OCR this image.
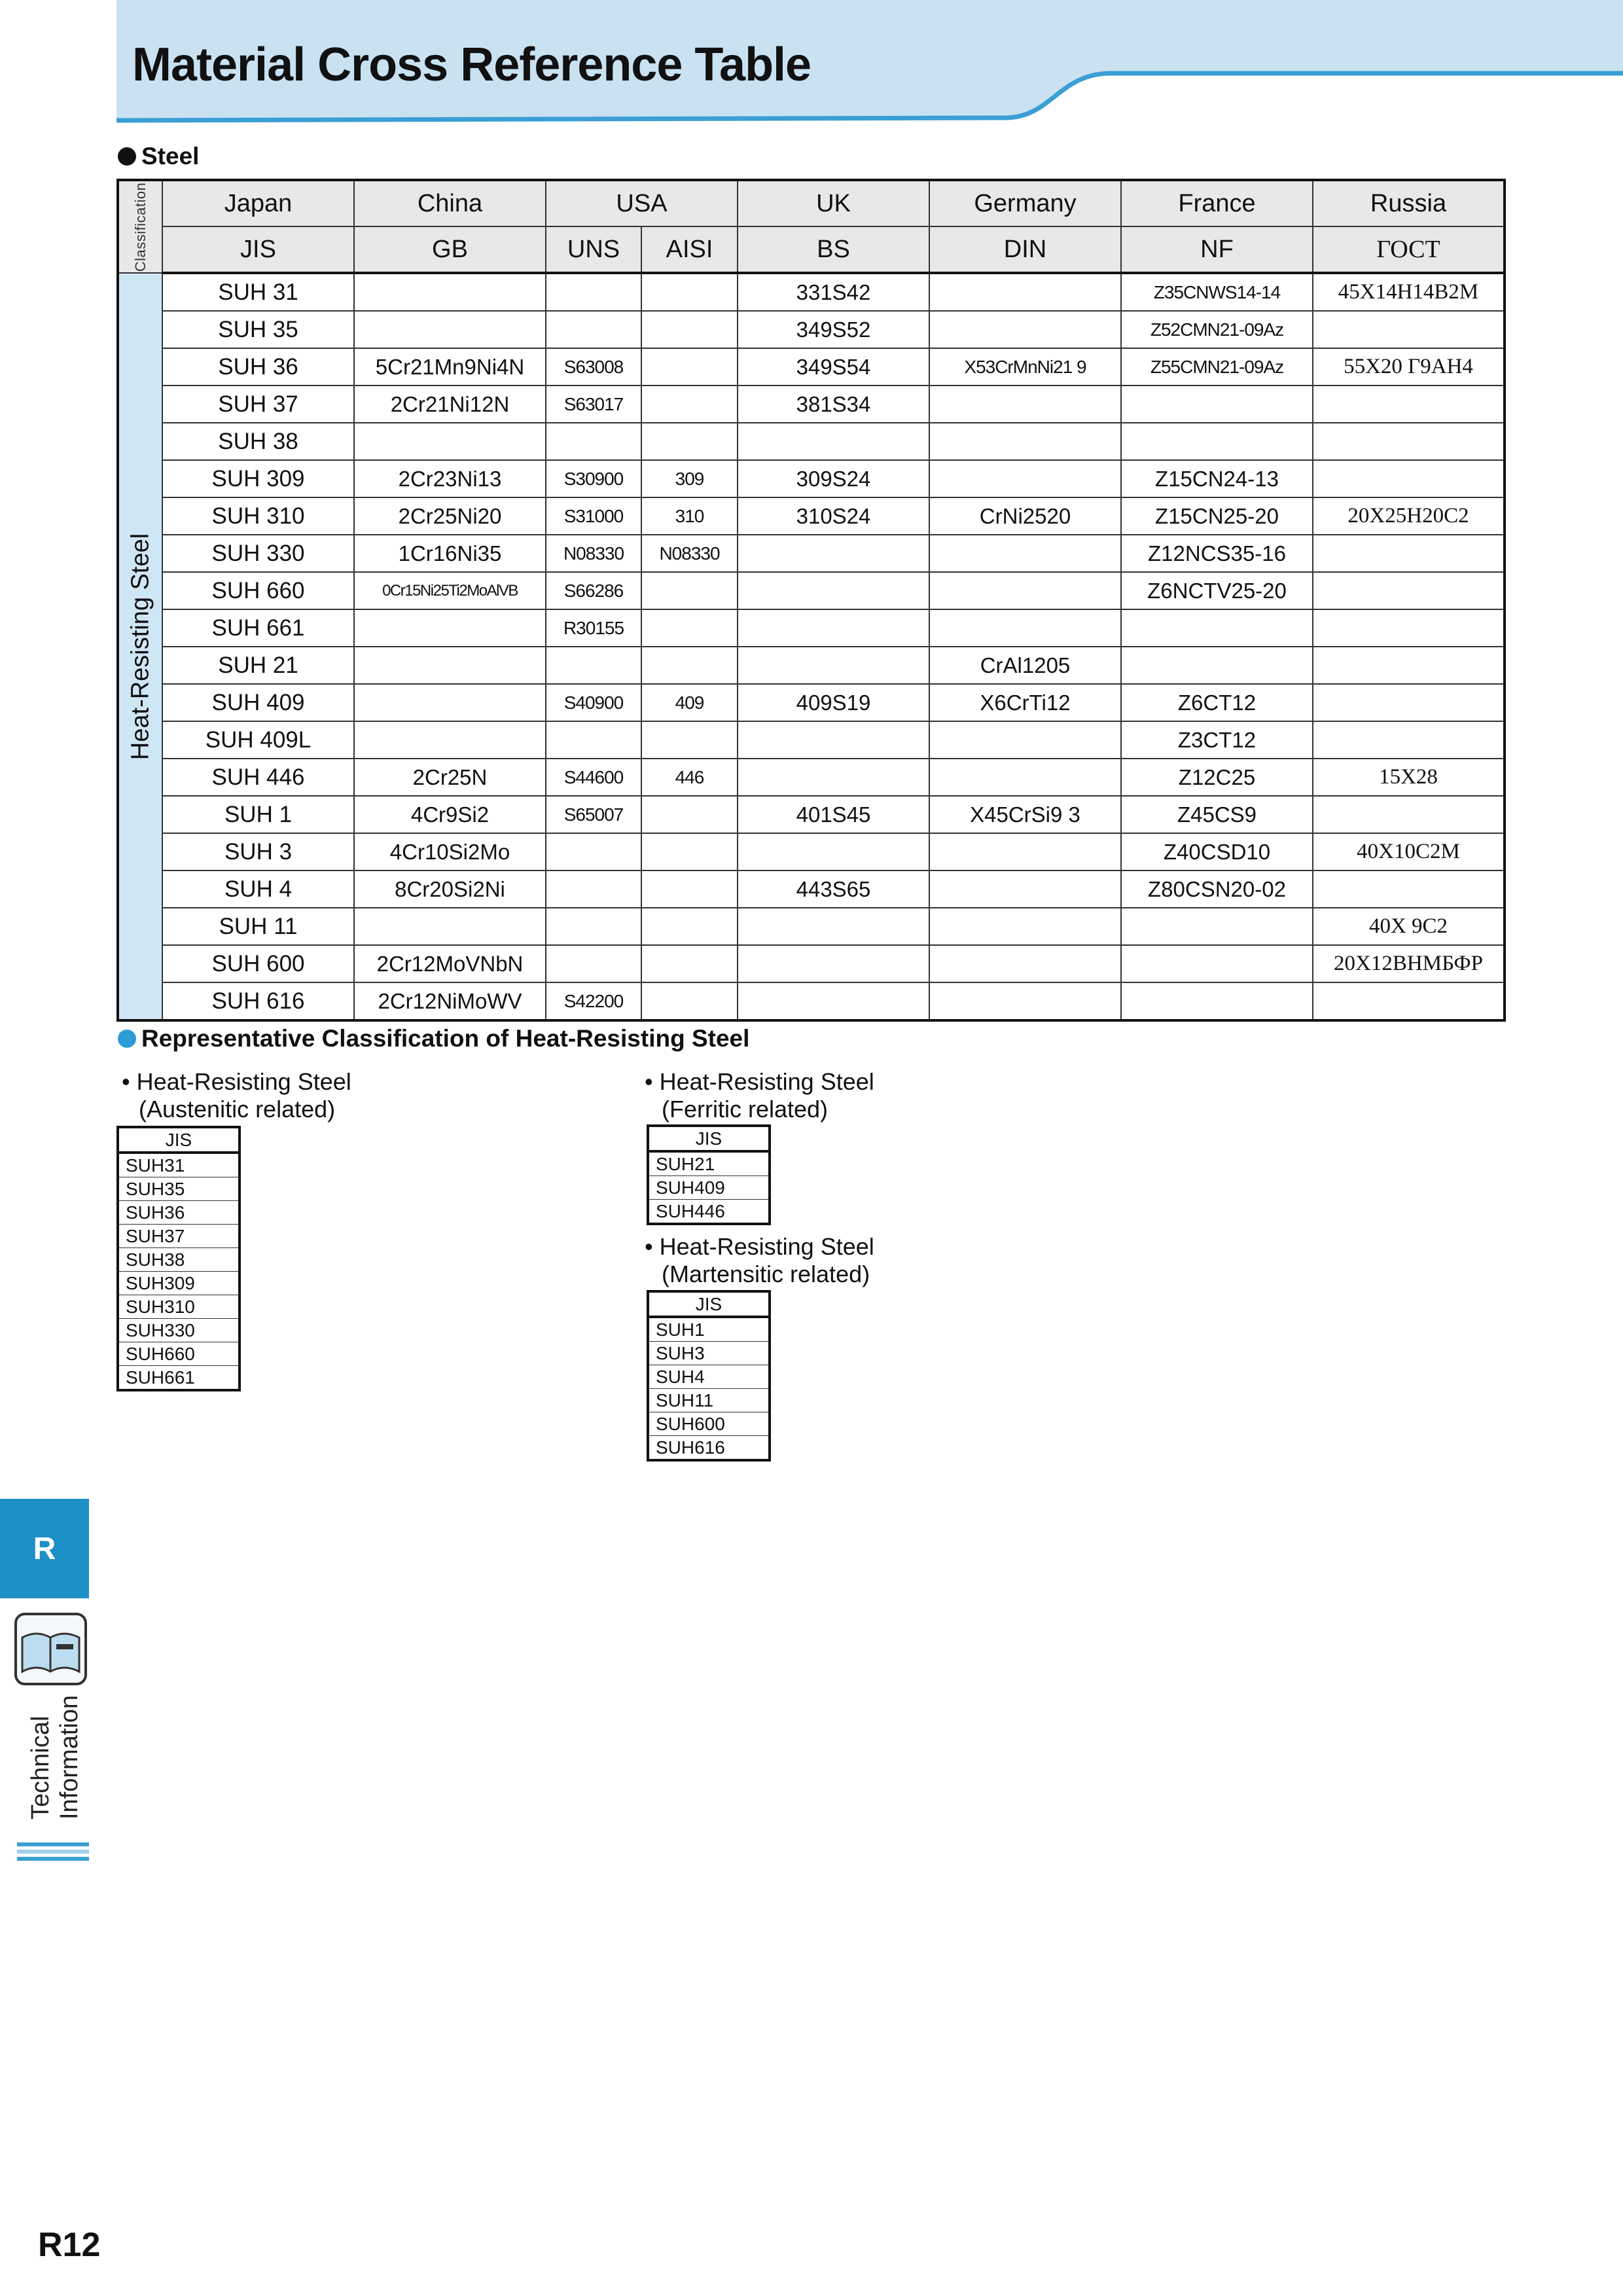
Material Cross Reference Table
Steel
Classification	Japan	China	USA		UK	Germany	France	Russia
	JIS	GB	UNS	AISI	BS	DIN	NF	ГОСТ

Heat-Resisting Steel	SUH 31				331S42		Z35CNWS14-14	45Х14Н14В2М
	SUH 35				349S52		Z52CMN21-09Az	
	SUH 36	5Cr21Mn9Ni4N	S63008		349S54	X53CrMnNi21 9	Z55CMN21-09Az	55Х20 Г9АН4
	SUH 37	2Cr21Ni12N	S63017		381S34			
	SUH 38							
	SUH 309	2Cr23Ni13	S30900	309	309S24		Z15CN24-13	
	SUH 310	2Cr25Ni20	S31000	310	310S24	CrNi2520	Z15CN25-20	20Х25Н20С2
	SUH 330	1Cr16Ni35	N08330	N08330			Z12NCS35-16	
	SUH 660	0Cr15Ni25Ti2MoAlVB	S66286				Z6NCTV25-20	
	SUH 661		R30155					
	SUH 21					CrAl1205		
	SUH 409		S40900	409	409S19	X6CrTi12	Z6CT12	
	SUH 409L						Z3CT12	
	SUH 446	2Cr25N	S44600	446			Z12C25	15Х28
	SUH 1	4Cr9Si2	S65007		401S45	X45CrSi9 3	Z45CS9	
	SUH 3	4Cr10Si2Mo					Z40CSD10	40Х10С2М
	SUH 4	8Cr20Si2Ni			443S65		Z80CSN20-02	
	SUH 11							40Х 9С2
	SUH 600	2Cr12MoVNbN						20Х12ВНМБФР
	SUH 616	2Cr12NiMoWV	S42200					
Representative Classification of Heat-Resisting Steel
• Heat-Resisting Steel
(Austenitic related)
JIS
SUH31
SUH35
SUH36
SUH37
SUH38
SUH309
SUH310
SUH330
SUH660
SUH661
• Heat-Resisting Steel
(Ferritic related)
JIS
SUH21
SUH409
SUH446
• Heat-Resisting Steel
(Martensitic related)
JIS
SUH1
SUH3
SUH4
SUH11
SUH600
SUH616
R
Technical Information
R12
